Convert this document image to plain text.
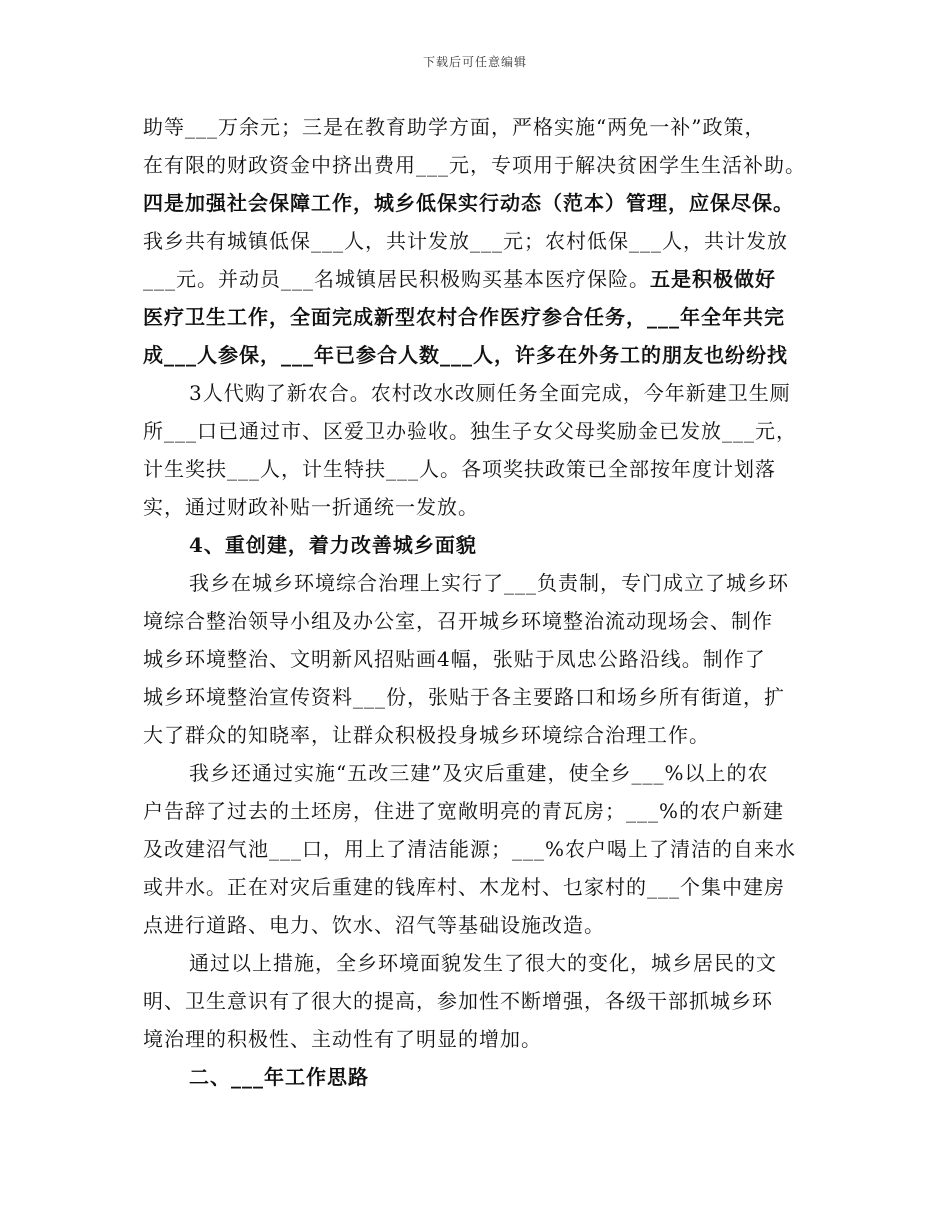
下载后可任意编辑
助等___万余元；三是在教育助学方面，严格实施“两免一补”政策，
在有限的财政资金中挤出费用___元，专项用于解决贫困学生生活补助。
四是加强社会保障工作，城乡低保实行动态（范本）管理，应保尽保。
我乡共有城镇低保___人，共计发放___元；农村低保___人，共计发放
___元。并动员___名城镇居民积极购买基本医疗保险。五是积极做好
医疗卫生工作，全面完成新型农村合作医疗参合任务，___年全年共完
成___人参保，___年已参合人数___人，许多在外务工的朋友也纷纷找
3人代购了新农合。农村改水改厕任务全面完成，今年新建卫生厕
所___口已通过市、区爱卫办验收。独生子女父母奖励金已发放___元，
计生奖扶___人，计生特扶___人。各项奖扶政策已全部按年度计划落
实，通过财政补贴一折通统一发放。
4、重创建，着力改善城乡面貌
我乡在城乡环境综合治理上实行了___负责制，专门成立了城乡环
境综合整治领导小组及办公室，召开城乡环境整治流动现场会、制作
城乡环境整治、文明新风招贴画4幅，张贴于凤忠公路沿线。制作了
城乡环境整治宣传资料___份，张贴于各主要路口和场乡所有街道，扩
大了群众的知晓率，让群众积极投身城乡环境综合治理工作。
我乡还通过实施“五改三建”及灾后重建，使全乡___%以上的农
户告辞了过去的土坯房，住进了宽敞明亮的青瓦房；___%的农户新建
及改建沼气池___口，用上了清洁能源；___%农户喝上了清洁的自来水
或井水。正在对灾后重建的钱库村、木龙村、乜家村的___个集中建房
点进行道路、电力、饮水、沼气等基础设施改造。
通过以上措施，全乡环境面貌发生了很大的变化，城乡居民的文
明、卫生意识有了很大的提高，参加性不断增强，各级干部抓城乡环
境治理的积极性、主动性有了明显的增加。
二、___年工作思路
